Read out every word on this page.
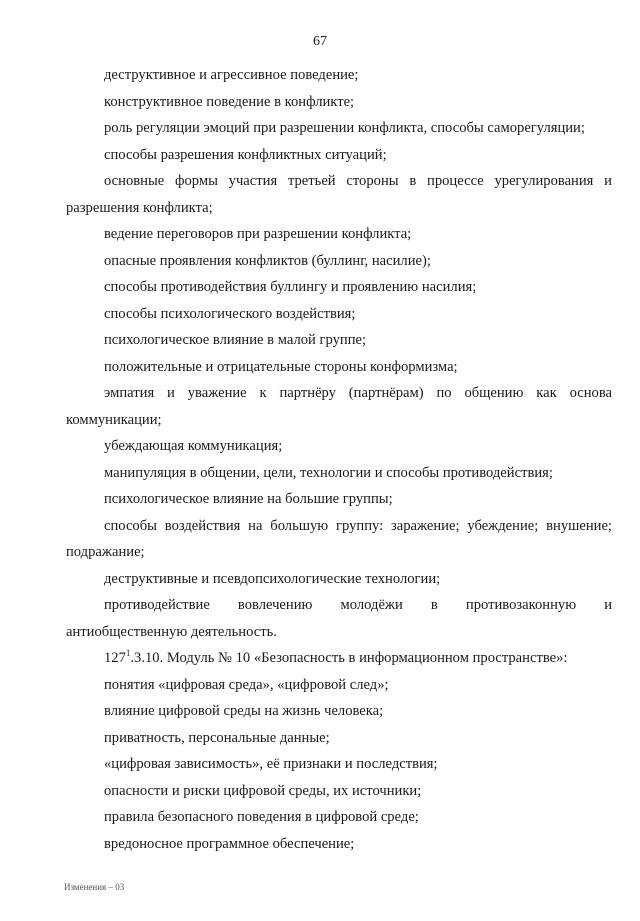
67

деструктивное и агрессивное поведение;

конструктивное поведение в конфликте;

роль регуляции эмоций при разрешении конфликта, способы саморегуляции;

способы разрешения конфликтных ситуаций;

основные формы участия третьей стороны в процессе урегулирования и разрешения конфликта;

ведение переговоров при разрешении конфликта;

опасные проявления конфликтов (буллинг, насилие);

способы противодействия буллингу и проявлению насилия;

способы психологического воздействия;

психологическое влияние в малой группе;

положительные и отрицательные стороны конформизма;

эмпатия и уважение к партнёру (партнёрам) по общению как основа коммуникации;

убеждающая коммуникация;

манипуляция в общении, цели, технологии и способы противодействия;

психологическое влияние на большие группы;

способы воздействия на большую группу: заражение; убеждение; внушение; подражание;

деструктивные и псевдопсихологические технологии;

противодействие вовлечению молодёжи в противозаконную и антиобщественную деятельность.

$127^1.3.10$. Модуль № 10 «Безопасность в информационном пространстве»:

понятия «цифровая среда», «цифровой след»;

влияние цифровой среды на жизнь человека;

приватность, персональные данные;

«цифровая зависимость», её признаки и последствия;

опасности и риски цифровой среды, их источники;

правила безопасного поведения в цифровой среде;

вредоносное программное обеспечение;

Изменения – 03
